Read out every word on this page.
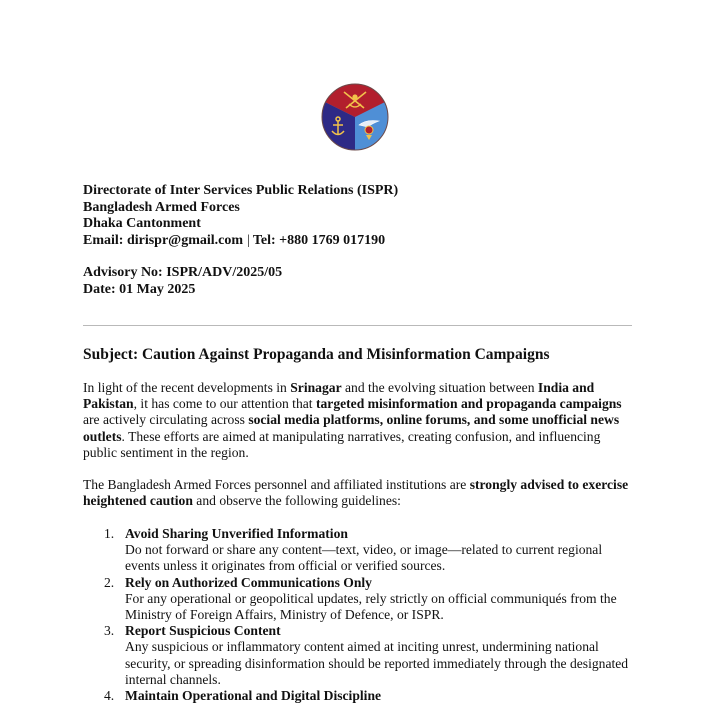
Directorate of Inter Services Public Relations (ISPR)
Bangladesh Armed Forces
Dhaka Cantonment
Email: dirispr@gmail.com | Tel: +880 1769 017190
Advisory No: ISPR/ADV/2025/05
Date: 01 May 2025
Subject: Caution Against Propaganda and Misinformation Campaigns

In light of the recent developments in Srinagar and the evolving situation between India and Pakistan, it has come to our attention that targeted misinformation and propaganda campaigns are actively circulating across social media platforms, online forums, and some unofficial news outlets. These efforts are aimed at manipulating narratives, creating confusion, and influencing public sentiment in the region.

The Bangladesh Armed Forces personnel and affiliated institutions are strongly advised to exercise heightened caution and observe the following guidelines:

1. Avoid Sharing Unverified Information
Do not forward or share any content—text, video, or image—related to current regional events unless it originates from official or verified sources.
2. Rely on Authorized Communications Only
For any operational or geopolitical updates, rely strictly on official communiqués from the Ministry of Foreign Affairs, Ministry of Defence, or ISPR.
3. Report Suspicious Content
Any suspicious or inflammatory content aimed at inciting unrest, undermining national security, or spreading disinformation should be reported immediately through the designated internal channels.
4. Maintain Operational and Digital Discipline
